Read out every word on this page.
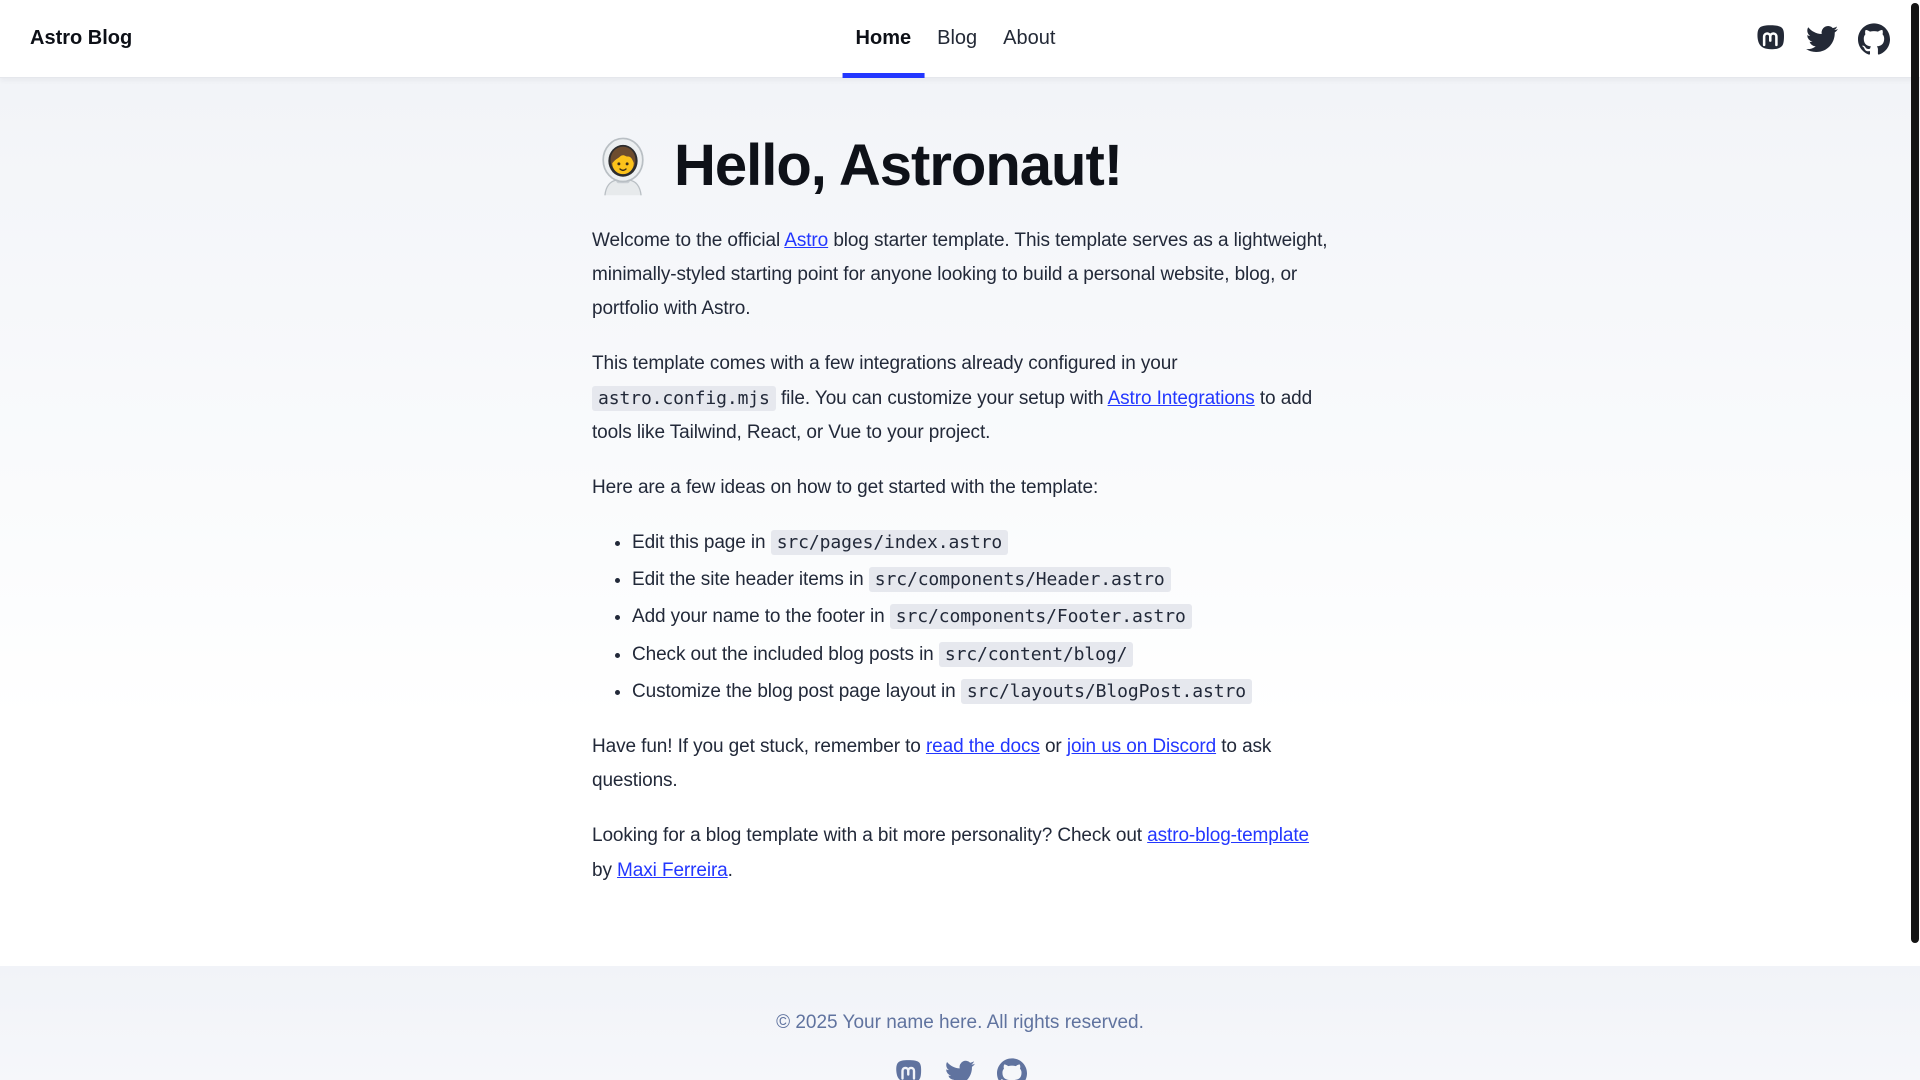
Astro Blog	Home	Blog	About
Hello, Astronaut!

Welcome to the official Astro blog starter template. This template serves as a lightweight, minimally-styled starting point for anyone looking to build a personal website, blog, or portfolio with Astro.

This template comes with a few integrations already configured in your astro.config.mjs file. You can customize your setup with Astro Integrations to add tools like Tailwind, React, or Vue to your project.

Here are a few ideas on how to get started with the template:

• Edit this page in src/pages/index.astro
• Edit the site header items in src/components/Header.astro
• Add your name to the footer in src/components/Footer.astro
• Check out the included blog posts in src/content/blog/
• Customize the blog post page layout in src/layouts/BlogPost.astro

Have fun! If you get stuck, remember to read the docs or join us on Discord to ask questions.

Looking for a blog template with a bit more personality? Check out astro-blog-template by Maxi Ferreira.

© 2025 Your name here. All rights reserved.
